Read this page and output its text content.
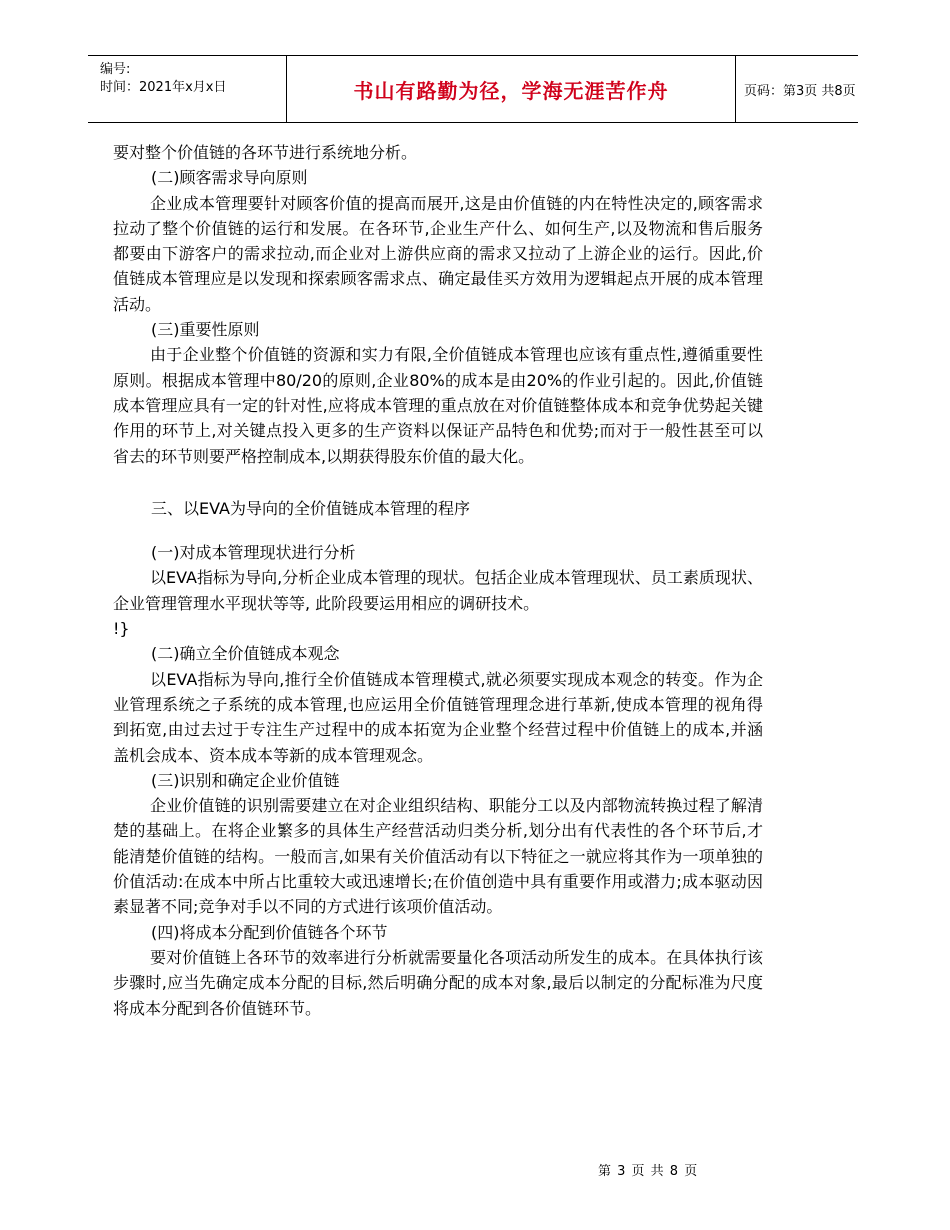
编号:
时间：2021年x月x日	书山有路勤为径，学海无涯苦作舟	页码：第3页 共8页

要对整个价值链的各环节进行系统地分析。

(二)顾客需求导向原则

企业成本管理要针对顾客价值的提高而展开,这是由价值链的内在特性决定的,顾客需求拉动了整个价值链的运行和发展。在各环节,企业生产什么、如何生产,以及物流和售后服务都要由下游客户的需求拉动,而企业对上游供应商的需求又拉动了上游企业的运行。因此,价值链成本管理应是以发现和探索顾客需求点、确定最佳买方效用为逻辑起点开展的成本管理活动。

(三)重要性原则

由于企业整个价值链的资源和实力有限,全价值链成本管理也应该有重点性,遵循重要性原则。根据成本管理中80/20的原则,企业80%的成本是由20%的作业引起的。因此,价值链成本管理应具有一定的针对性,应将成本管理的重点放在对价值链整体成本和竞争优势起关键作用的环节上,对关键点投入更多的生产资料以保证产品特色和优势;而对于一般性甚至可以省去的环节则要严格控制成本,以期获得股东价值的最大化。

三、以EVA为导向的全价值链成本管理的程序

(一)对成本管理现状进行分析

以EVA指标为导向,分析企业成本管理的现状。包括企业成本管理现状、员工素质现状、企业管理管理水平现状等等, 此阶段要运用相应的调研技术。

!}

(二)确立全价值链成本观念

以EVA指标为导向,推行全价值链成本管理模式,就必须要实现成本观念的转变。作为企业管理系统之子系统的成本管理,也应运用全价值链管理理念进行革新,使成本管理的视角得到拓宽,由过去过于专注生产过程中的成本拓宽为企业整个经营过程中价值链上的成本,并涵盖机会成本、资本成本等新的成本管理观念。

(三)识别和确定企业价值链

企业价值链的识别需要建立在对企业组织结构、职能分工以及内部物流转换过程了解清楚的基础上。在将企业繁多的具体生产经营活动归类分析,划分出有代表性的各个环节后,才能清楚价值链的结构。一般而言,如果有关价值活动有以下特征之一就应将其作为一项单独的价值活动:在成本中所占比重较大或迅速增长;在价值创造中具有重要作用或潜力;成本驱动因素显著不同;竞争对手以不同的方式进行该项价值活动。

(四)将成本分配到价值链各个环节

要对价值链上各环节的效率进行分析就需要量化各项活动所发生的成本。在具体执行该步骤时,应当先确定成本分配的目标,然后明确分配的成本对象,最后以制定的分配标准为尺度将成本分配到各价值链环节。

第 3 页 共 8 页
